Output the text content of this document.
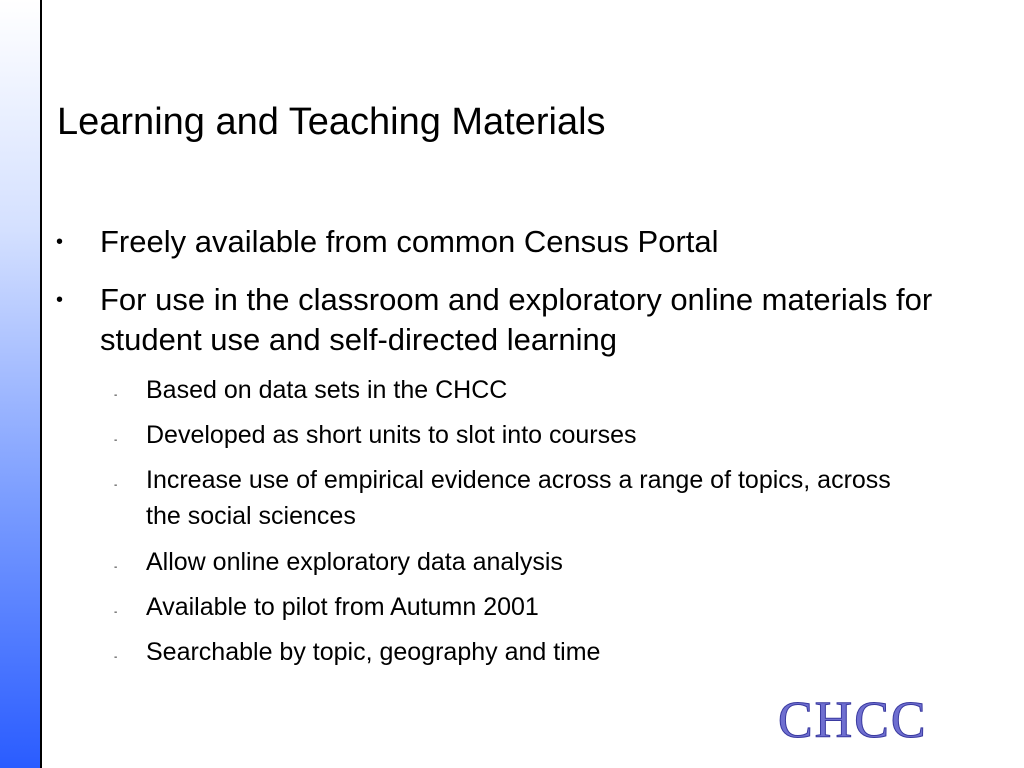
Learning and Teaching Materials
• Freely available from common Census Portal
• For use in the classroom and exploratory online materials for student use and self-directed learning
- Based on data sets in the CHCC
- Developed as short units to slot into courses
- Increase use of empirical evidence across a range of topics, across the social sciences
- Allow online exploratory data analysis
- Available to pilot from Autumn 2001
- Searchable by topic, geography and time
CHCC
